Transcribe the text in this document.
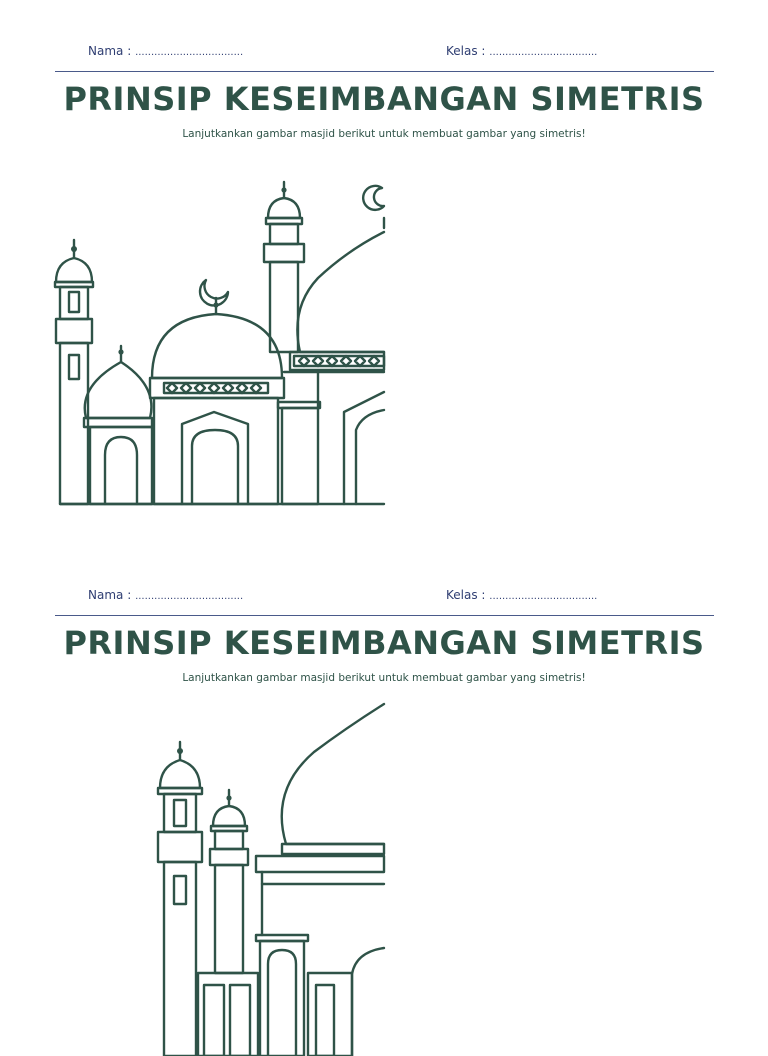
Nama : ..................................	Kelas : ..................................
PRINSIP KESEIMBANGAN SIMETRIS
Lanjutkankan gambar masjid berikut untuk membuat gambar yang simetris!
Nama : ..................................	Kelas : ..................................
PRINSIP KESEIMBANGAN SIMETRIS
Lanjutkankan gambar masjid berikut untuk membuat gambar yang simetris!
